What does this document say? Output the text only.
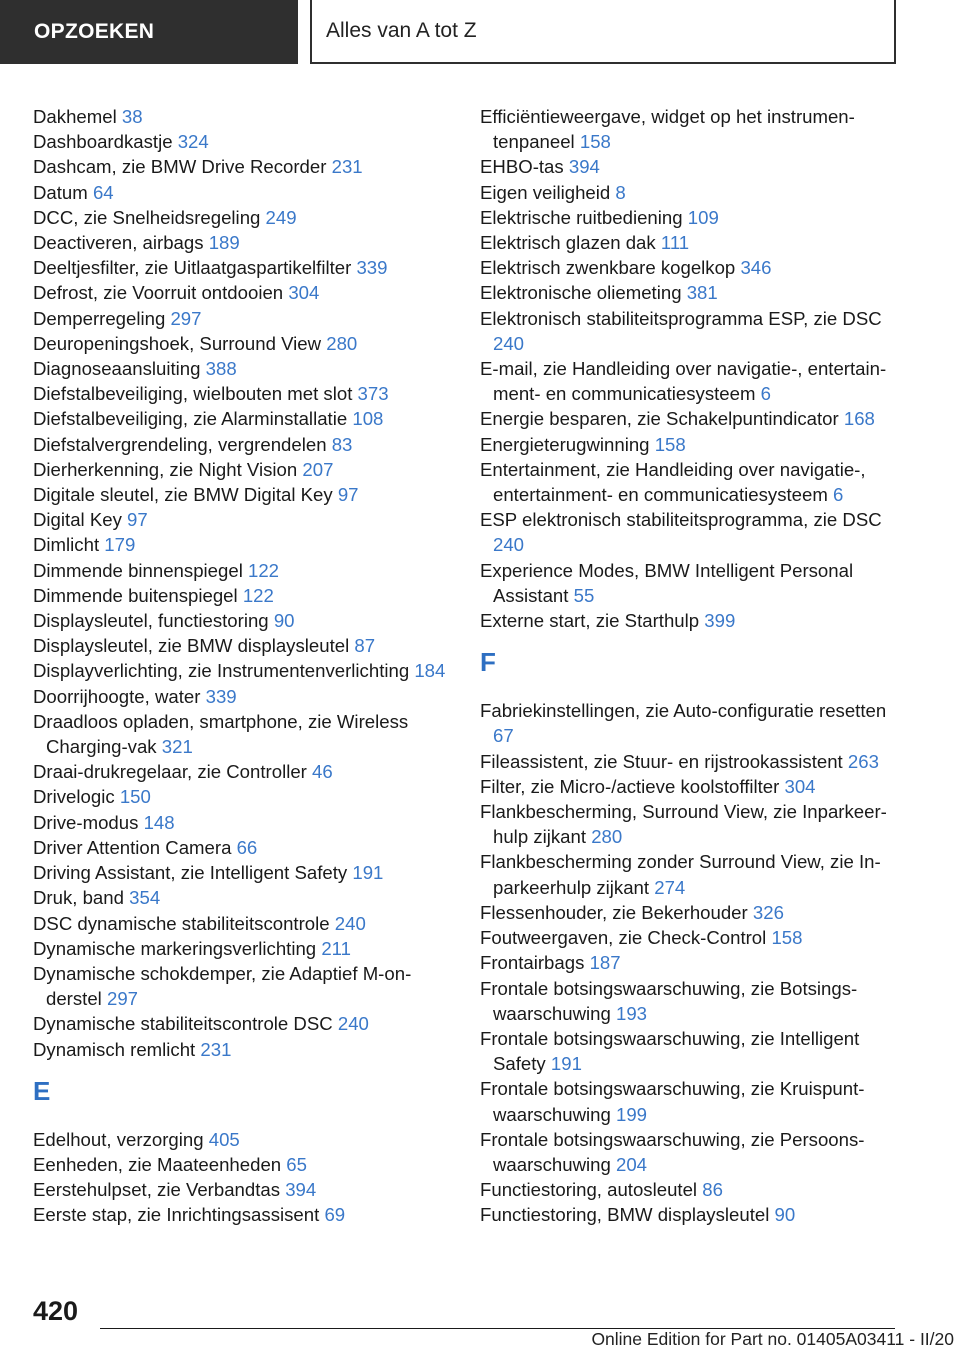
OPZOEKEN	Alles van A tot Z
Dakhemel 38
Dashboardkastje 324
Dashcam, zie BMW Drive Recorder 231
Datum 64
DCC, zie Snelheidsregeling 249
Deactiveren, airbags 189
Deeltjesfilter, zie Uitlaatgaspartikelfilter 339
Defrost, zie Voorruit ontdooien 304
Demperregeling 297
Deuropeningshoek, Surround View 280
Diagnoseaansluiting 388
Diefstalbeveiliging, wielbouten met slot 373
Diefstalbeveiliging, zie Alarminstallatie 108
Diefstalvergrendeling, vergrendelen 83
Dierherkenning, zie Night Vision 207
Digitale sleutel, zie BMW Digital Key 97
Digital Key 97
Dimlicht 179
Dimmende binnenspiegel 122
Dimmende buitenspiegel 122
Displaysleutel, functiestoring 90
Displaysleutel, zie BMW displaysleutel 87
Displayverlichting, zie Instrumentenverlichting 184
Doorrijhoogte, water 339
Draadloos opladen, smartphone, zie Wireless Charging-vak 321
Draai-drukregelaar, zie Controller 46
Drivelogic 150
Drive-modus 148
Driver Attention Camera 66
Driving Assistant, zie Intelligent Safety 191
Druk, band 354
DSC dynamische stabiliteitscontrole 240
Dynamische markeringsverlichting 211
Dynamische schokdemper, zie Adaptief M-onderstel 297
Dynamische stabiliteitscontrole DSC 240
Dynamisch remlicht 231
E
Edelhout, verzorging 405
Eenheden, zie Maateenheden 65
Eerstehulpset, zie Verbandtas 394
Eerste stap, zie Inrichtingsassisent 69
Efficiëntieweergave, widget op het instrumentenpaneel 158
EHBO-tas 394
Eigen veiligheid 8
Elektrische ruitbediening 109
Elektrisch glazen dak 111
Elektrisch zwenkbare kogelkop 346
Elektronische oliemeting 381
Elektronisch stabiliteitsprogramma ESP, zie DSC 240
E-mail, zie Handleiding over navigatie-, entertainment- en communicatiesysteem 6
Energie besparen, zie Schakelpuntindicator 168
Energieterugwinning 158
Entertainment, zie Handleiding over navigatie-, entertainment- en communicatiesysteem 6
ESP elektronisch stabiliteitsprogramma, zie DSC 240
Experience Modes, BMW Intelligent Personal Assistant 55
Externe start, zie Starthulp 399
F
Fabriekinstellingen, zie Auto-configuratie resetten 67
Fileassistent, zie Stuur- en rijstrookassistent 263
Filter, zie Micro-/actieve koolstoffilter 304
Flankbescherming, Surround View, zie Inparkeerhulp zijkant 280
Flankbescherming zonder Surround View, zie Inparkeerhulp zijkant 274
Flessenhouder, zie Bekerhouder 326
Foutweergaven, zie Check-Control 158
Frontairbags 187
Frontale botsingswaarschuwing, zie Botsingswaarschuwing 193
Frontale botsingswaarschuwing, zie Intelligent Safety 191
Frontale botsingswaarschuwing, zie Kruispuntwaarschuwing 199
Frontale botsingswaarschuwing, zie Persoonswaarschuwing 204
Functiestoring, autosleutel 86
Functiestoring, BMW displaysleutel 90
420
Online Edition for Part no. 01405A03411 - II/20
